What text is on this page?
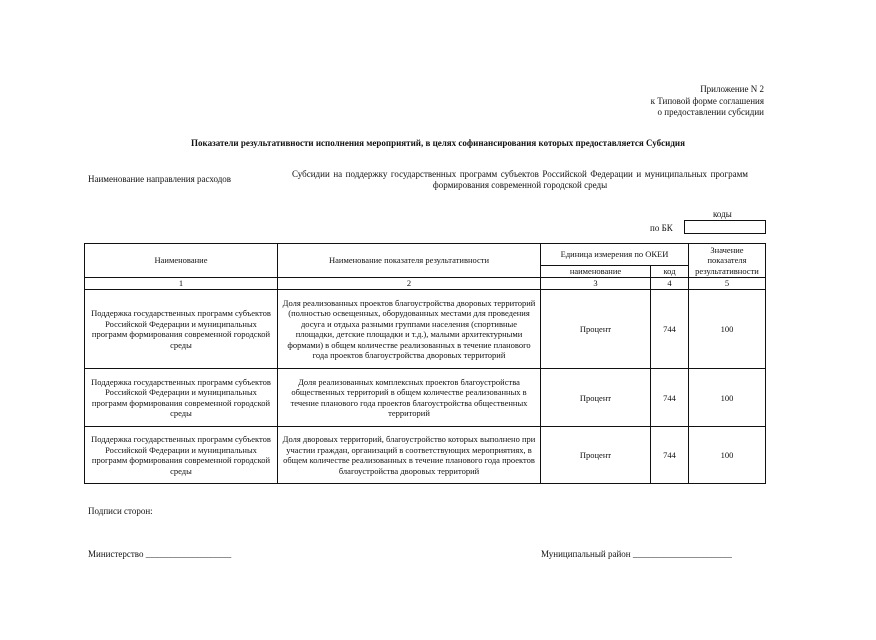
Приложение N 2
к Типовой форме соглашения
о предоставлении субсидии
Показатели результативности исполнения мероприятий, в целях софинансирования которых предоставляется Субсидия
Наименование направления расходов	Субсидии на поддержку государственных программ субъектов Российской Федерации и муниципальных программ формирования современной городской среды
коды
по БК
Наименование	Наименование показателя результативности	Единица измерения по ОКЕИ		Значение показателя результативности
		наименование	код	
1	2	3	4	5
Поддержка государственных программ субъектов Российской Федерации и муниципальных программ формирования современной городской среды	Доля реализованных проектов благоустройства дворовых территорий (полностью освещенных, оборудованных местами для проведения досуга и отдыха разными группами населения (спортивные площадки, детские площадки и т.д.), малыми архитектурными формами) в общем количестве реализованных в течение планового года проектов благоустройства дворовых территорий	Процент	744	100
Поддержка государственных программ субъектов Российской Федерации и муниципальных программ формирования современной городской среды	Доля реализованных комплексных проектов благоустройства общественных территорий в общем количестве реализованных в течение планового года проектов благоустройства общественных территорий	Процент	744	100
Поддержка государственных программ субъектов Российской Федерации и муниципальных программ формирования современной городской среды	Доля дворовых территорий, благоустройство которых выполнено при участии граждан, организаций в соответствующих мероприятиях, в общем количестве реализованных в течение планового года проектов благоустройства дворовых территорий	Процент	744	100
Подписи сторон:
Министерство ___________________	Муниципальный район ______________________
